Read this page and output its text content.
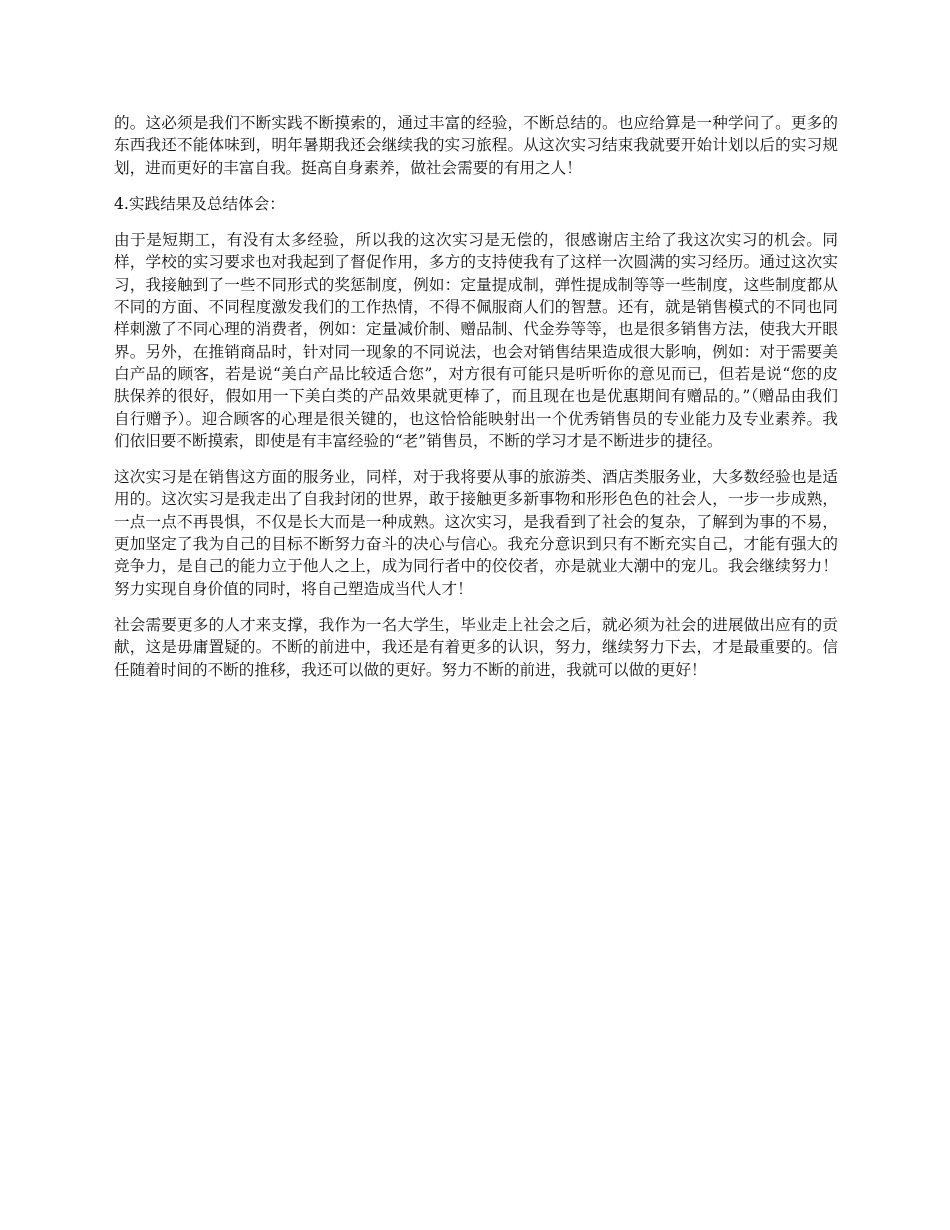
的。这必须是我们不断实践不断摸索的，通过丰富的经验，不断总结的。也应给算是一种学问了。更多的东西我还不能体味到，明年暑期我还会继续我的实习旅程。从这次实习结束我就要开始计划以后的实习规划，进而更好的丰富自我。挺高自身素养，做社会需要的有用之人！

4.实践结果及总结体会：

由于是短期工，有没有太多经验，所以我的这次实习是无偿的，很感谢店主给了我这次实习的机会。同样，学校的实习要求也对我起到了督促作用，多方的支持使我有了这样一次圆满的实习经历。通过这次实习，我接触到了一些不同形式的奖惩制度，例如：定量提成制，弹性提成制等等一些制度，这些制度都从不同的方面、不同程度激发我们的工作热情，不得不佩服商人们的智慧。还有，就是销售模式的不同也同样刺激了不同心理的消费者，例如：定量减价制、赠品制、代金券等等，也是很多销售方法，使我大开眼界。另外，在推销商品时，针对同一现象的不同说法，也会对销售结果造成很大影响，例如：对于需要美白产品的顾客，若是说“美白产品比较适合您”，对方很有可能只是听听你的意见而已，但若是说“您的皮肤保养的很好，假如用一下美白类的产品效果就更棒了，而且现在也是优惠期间有赠品的。”（赠品由我们自行赠予）。迎合顾客的心理是很关键的，也这恰恰能映射出一个优秀销售员的专业能力及专业素养。我们依旧要不断摸索，即使是有丰富经验的“老”销售员，不断的学习才是不断进步的捷径。

这次实习是在销售这方面的服务业，同样，对于我将要从事的旅游类、酒店类服务业，大多数经验也是适用的。这次实习是我走出了自我封闭的世界，敢于接触更多新事物和形形色色的社会人，一步一步成熟，一点一点不再畏惧，不仅是长大而是一种成熟。这次实习，是我看到了社会的复杂，了解到为事的不易，更加坚定了我为自己的目标不断努力奋斗的决心与信心。我充分意识到只有不断充实自己，才能有强大的竞争力，是自己的能力立于他人之上，成为同行者中的佼佼者，亦是就业大潮中的宠儿。我会继续努力！努力实现自身价值的同时，将自己塑造成当代人才！

社会需要更多的人才来支撑，我作为一名大学生，毕业走上社会之后，就必须为社会的进展做出应有的贡献，这是毋庸置疑的。不断的前进中，我还是有着更多的认识，努力，继续努力下去，才是最重要的。信任随着时间的不断的推移，我还可以做的更好。努力不断的前进，我就可以做的更好！
